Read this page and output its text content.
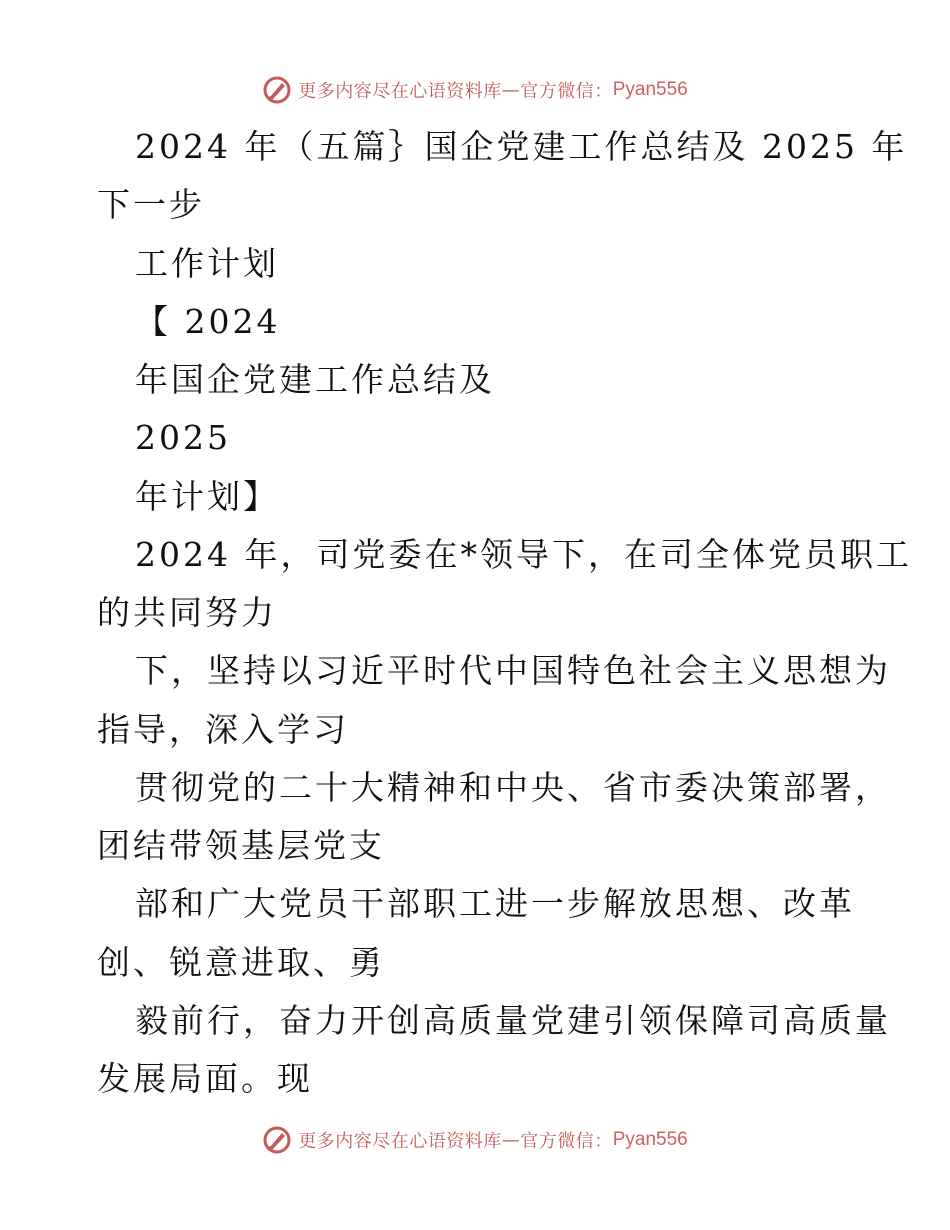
更多内容尽在心语资料库 — 官方微信： Pyan556
2024 年（五篇｝国企党建工作总结及 2025 年
下一步
工作计划
【 2024
年国企党建工作总结及
2025
年计划】
2024 年，司党委在*领导下，在司全体党员职工
的共同努力
下，坚持以习近平时代中国特色社会主义思想为
指导，深入学习
贯彻党的二十大精神和中央、省市委决策部署，
团结带领基层党支
部和广大党员干部职工进一步解放思想、改革
创、锐意进取、勇
毅前行，奋力开创高质量党建引领保障司高质量
发展局面。现
更多内容尽在心语资料库 — 官方微信： Pyan556
